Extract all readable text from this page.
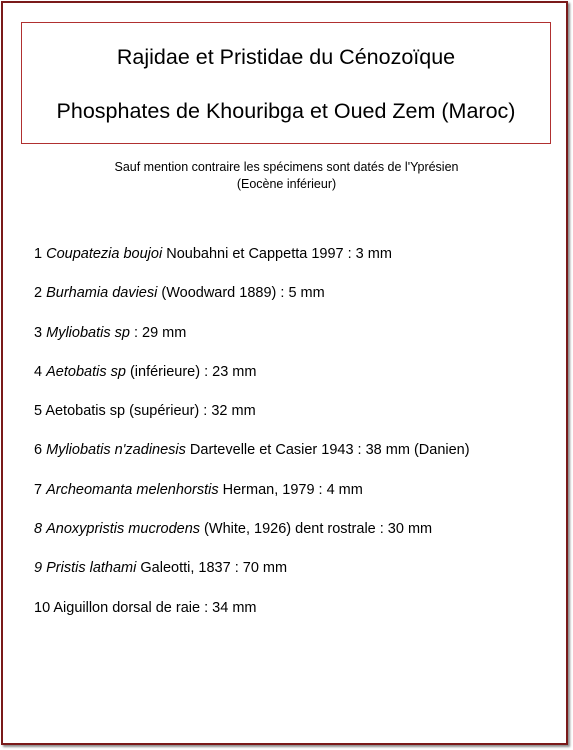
Rajidae et Pristidae du Cénozoïque
Phosphates de Khouribga et Oued Zem (Maroc)
Sauf mention contraire les spécimens sont datés de l'Yprésien
(Eocène inférieur)
1 Coupatezia boujoi Noubahni et Cappetta 1997 : 3 mm
2 Burhamia daviesi (Woodward 1889) : 5 mm
3 Myliobatis sp : 29 mm
4 Aetobatis sp (inférieure) : 23 mm
5 Aetobatis sp (supérieur) : 32 mm
6 Myliobatis n'zadinesis Dartevelle et Casier 1943 : 38 mm (Danien)
7 Archeomanta melenhorstis Herman, 1979 : 4 mm
8 Anoxypristis mucrodens (White, 1926) dent rostrale : 30 mm
9 Pristis lathami Galeotti, 1837 : 70 mm
10 Aiguillon dorsal de raie : 34 mm
